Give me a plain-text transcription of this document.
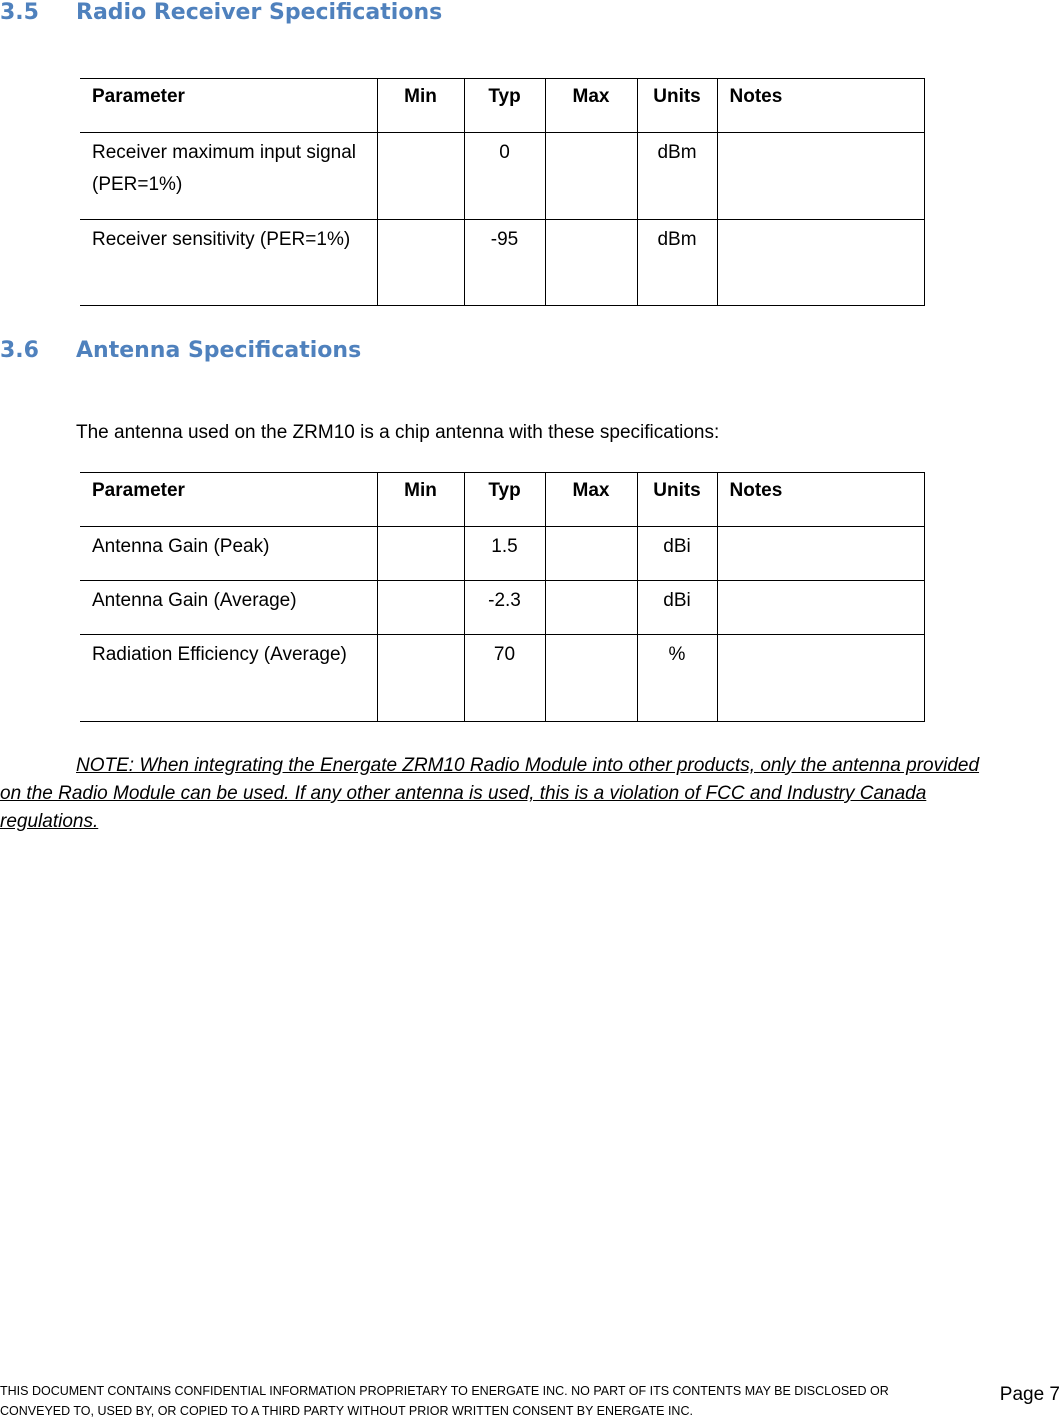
3.5 Radio Receiver Specifications
Parameter	Min	Typ	Max	Units	Notes
Receiver maximum input signal (PER=1%)		0		dBm	
Receiver sensitivity (PER=1%)		-95		dBm	
3.6 Antenna Specifications

The antenna used on the ZRM10 is a chip antenna with these specifications:

Parameter	Min	Typ	Max	Units	Notes
Antenna Gain (Peak)		1.5		dBi	
Antenna Gain (Average)		-2.3		dBi	
Radiation Efficiency (Average)		70		%	

NOTE: When integrating the Energate ZRM10 Radio Module into other products, only the antenna provided on the Radio Module can be used. If any other antenna is used, this is a violation of FCC and Industry Canada regulations.

THIS DOCUMENT CONTAINS CONFIDENTIAL INFORMATION PROPRIETARY TO ENERGATE INC. NO PART OF ITS CONTENTS MAY BE DISCLOSED OR CONVEYED TO, USED BY, OR COPIED TO A THIRD PARTY WITHOUT PRIOR WRITTEN CONSENT BY ENERGATE INC.

Page 7
